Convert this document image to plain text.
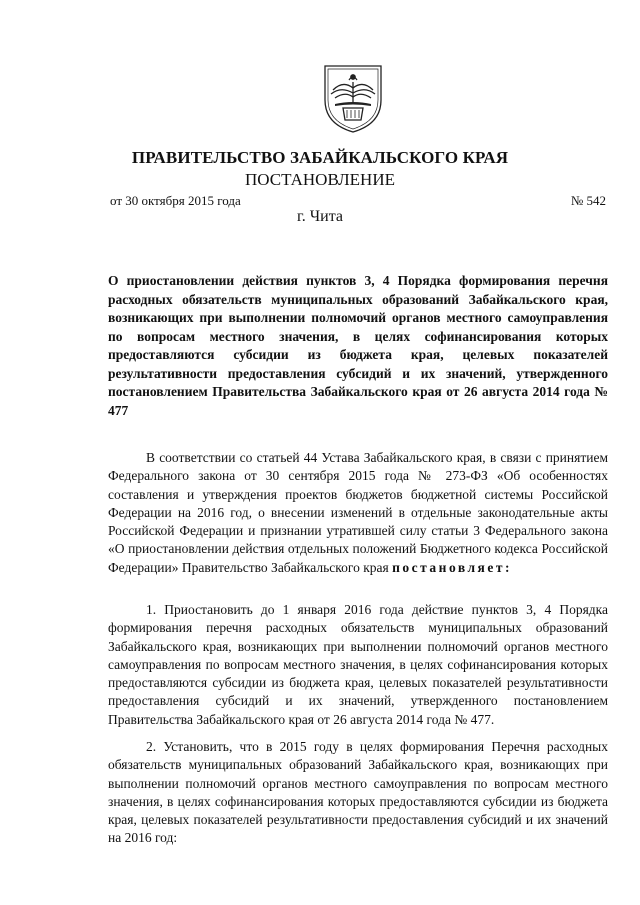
ПРАВИТЕЛЬСТВО ЗАБАЙКАЛЬСКОГО КРАЯ
ПОСТАНОВЛЕНИЕ
от 30 октября 2015 года	№ 542
г. Чита
О приостановлении действия пунктов 3, 4 Порядка формирования перечня расходных обязательств муниципальных образований Забайкальского края, возникающих при выполнении полномочий органов местного самоуправления по вопросам местного значения, в целях софинансирования которых предоставляются субсидии из бюджета края, целевых показателей результативности предоставления субсидий и их значений, утвержденного постановлением Правительства Забайкальского края от 26 августа 2014 года № 477
В соответствии со статьей 44 Устава Забайкальского края, в связи с принятием Федерального закона от 30 сентября 2015 года № 273-ФЗ «Об особенностях составления и утверждения проектов бюджетов бюджетной системы Российской Федерации на 2016 год, о внесении изменений в отдельные законодательные акты Российской Федерации и признании утратившей силу статьи 3 Федерального закона «О приостановлении действия отдельных положений Бюджетного кодекса Российской Федерации» Правительство Забайкальского края постановляет:
1. Приостановить до 1 января 2016 года действие пунктов 3, 4 Порядка формирования перечня расходных обязательств муниципальных образований Забайкальского края, возникающих при выполнении полномочий органов местного самоуправления по вопросам местного значения, в целях софинансирования которых предоставляются субсидии из бюджета края, целевых показателей результативности предоставления субсидий и их значений, утвержденного постановлением Правительства Забайкальского края от 26 августа 2014 года № 477.
2. Установить, что в 2015 году в целях формирования Перечня расходных обязательств муниципальных образований Забайкальского края, возникающих при выполнении полномочий органов местного самоуправления по вопросам местного значения, в целях софинансирования которых предоставляются субсидии из бюджета края, целевых показателей результативности предоставления субсидий и их значений на 2016 год:
